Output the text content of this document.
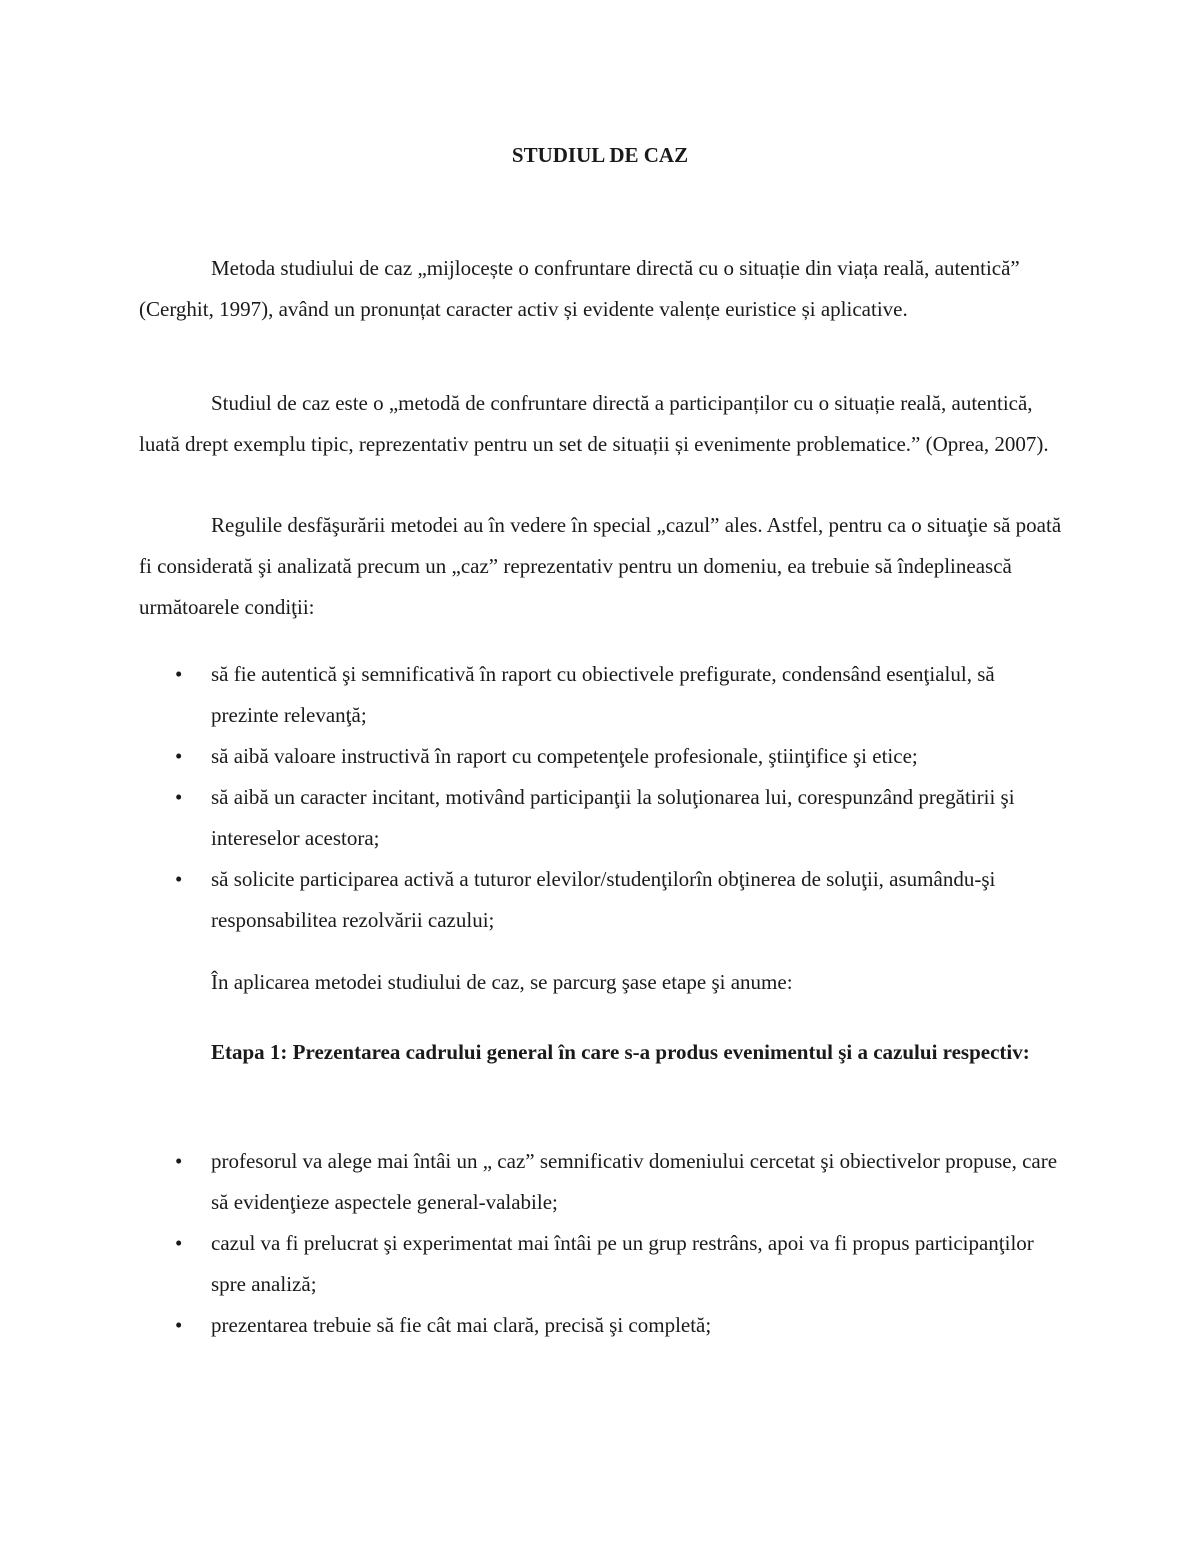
STUDIUL DE CAZ

Metoda studiului de caz „mijlocește o confruntare directă cu o situație din viața reală, autentică” (Cerghit, 1997), având un pronunțat caracter activ și evidente valențe euristice și aplicative.

Studiul de caz este o „metodă de confruntare directă a participanților cu o situație reală, autentică, luată drept exemplu tipic, reprezentativ pentru un set de situații și evenimente problematice.” (Oprea, 2007).

Regulile desfăşurării metodei au în vedere în special „cazul” ales. Astfel, pentru ca o situaţie să poată fi considerată şi analizată precum un „caz” reprezentativ pentru un domeniu, ea trebuie să îndeplinească următoarele condiţii:

• să fie autentică şi semnificativă în raport cu obiectivele prefigurate, condensând esenţialul, să prezinte relevanţă;
• să aibă valoare instructivă în raport cu competenţele profesionale, ştiinţifice şi etice;
• să aibă un caracter incitant, motivând participanţii la soluţionarea lui, corespunzând pregătirii şi intereselor acestora;
• să solicite participarea activă a tuturor elevilor/studenţilorîn obţinerea de soluţii, asumându-şi responsabilitea rezolvării cazului;

În aplicarea metodei studiului de caz, se parcurg şase etape şi anume:

Etapa 1: Prezentarea cadrului general în care s-a produs evenimentul şi a cazului respectiv:
• profesorul va alege mai întâi un „ caz” semnificativ domeniului cercetat şi obiectivelor propuse, care să evidenţieze aspectele general-valabile;
• cazul va fi prelucrat şi experimentat mai întâi pe un grup restrâns, apoi va fi propus participanţilor spre analiză;
• prezentarea trebuie să fie cât mai clară, precisă şi completă;
